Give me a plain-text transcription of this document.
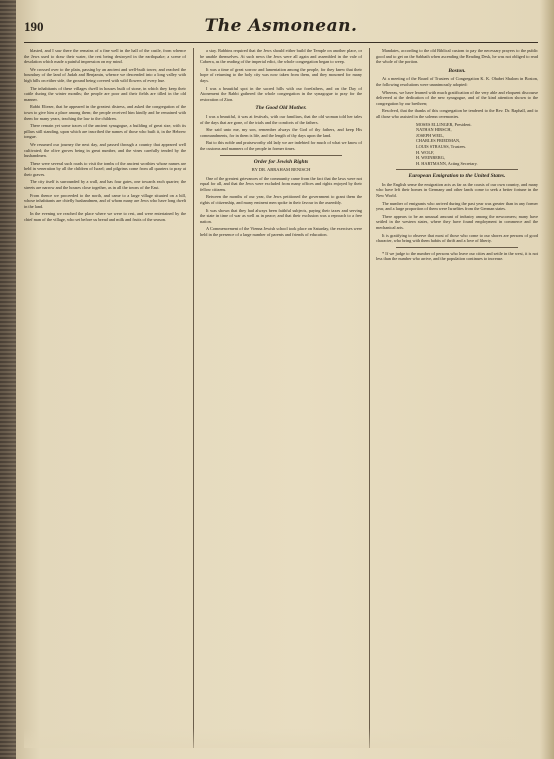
190	The Asmonean.

blasted, and I saw there the remains of a fine well in the hall of the castle, from whence the Jews used to draw their water, the rest being destroyed in the earthquake; a scene of desolation which made a painful impression on my mind.

We crossed over to the plain, passing by an ancient and well-built tower, and reached the boundary of the land of Judah and Benjamin, whence we descended into a long valley with high hills on either side, the ground being covered with wild flowers of every hue.

The inhabitants of these villages dwell in houses built of stone, in which they keep their cattle during the winter months; the people are poor and their fields are tilled in the old manner.

Rabbi Eliezer, that he appeared in the greatest distress, and asked the congregation of the town to give him a place among them; the people received him kindly and he remained with them for many years, teaching the law to the children.

There remain yet some traces of the ancient synagogue, a building of great size, with its pillars still standing, upon which are inscribed the names of those who built it, in the Hebrew tongue.

We resumed our journey the next day, and passed through a country that appeared well cultivated; the olive groves being in great number, and the vines carefully tended by the husbandmen.

These were several such roads to visit the tombs of the ancient worthies whose names are held in veneration by all the children of Israel; and pilgrims come from all quarters to pray at their graves.

The city itself is surrounded by a wall, and has four gates, one towards each quarter; the streets are narrow and the houses close together, as in all the towns of the East.

From thence we proceeded to the north, and came to a large village situated on a hill, whose inhabitants are chiefly husbandmen, and of whom many are Jews who have long dwelt in the land.

In the evening we reached the place where we were to rest, and were entertained by the chief man of the village, who set before us bread and milk and fruits of the season.

a stay. Rabbins required that the Jews should either build the Temple on another place, or be unable themselves. At such news the Jews were all again and assembled in the vale of Cabrera, as the reading of the imperial edict, the whole congregation began to weep.

It was a time of great sorrow and lamentation among the people, for they knew that their hope of returning to the holy city was now taken from them, and they mourned for many days.

I was a beautiful spot in the sacred hills with our forefathers, and on the Day of Atonement the Rabbi gathered the whole congregation in the synagogue to pray for the restoration of Zion.

The Good Old Mother.

I was a beautiful, it was at festivals, with our familiars, that the old woman told her tales of the days that are gone, of the trials and the comforts of the fathers.

She said unto me, my son, remember always the God of thy fathers, and keep His commandments, for in them is life, and the length of thy days upon the land.

But to this noble and praiseworthy old lady we are indebted for much of what we know of the customs and manners of the people in former times.

Order for Jewish Rights
BY DR. ABRAHAM BENISCH

One of the greatest grievances of the community came from the fact that the laws were not equal for all, and that the Jews were excluded from many offices and rights enjoyed by their fellow citizens.

Between the months of our year, the Jews petitioned the government to grant them the rights of citizenship, and many eminent men spoke in their favour in the assembly.

It was shown that they had always been faithful subjects, paying their taxes and serving the state in time of war as well as in peace; and that their exclusion was a reproach to a free nation.

A Commencement of the Vienna Jewish school took place on Saturday, the exercises were held in the presence of a large number of parents and friends of education.

Mandates, according to the old Biblical custom to pay the necessary prayers to the public good and to get on the Sabbath when ascending the Reading Desk, he was not obliged to read the whole of the portion.

Boston.

At a meeting of the Board of Trustees of Congregation K. K. Ohabei Shalom in Boston, the following resolutions were unanimously adopted:

Whereas, we have learned with much gratification of the very able and eloquent discourse delivered at the dedication of the new synagogue, and of the kind attention shown to the congregation by our brethren;

Resolved, that the thanks of this congregation be tendered to the Rev. Dr. Raphall, and to all those who assisted in the solemn ceremonies.

MOSES ELLINGER, President.
NATHAN HIRSCH,
JOSEPH WEIL,
CHARLES FRIEDMAN,
LOUIS STRAUSS, Trustees.
H. WOLF,
H. WEINBERG,
H. HARTMANN, Acting Secretary.
European Emigration to the United States.

In the English sense the emigration acts as far as the coasts of our own country, and many who have left their homes in Germany and other lands come to seek a better fortune in the New World.

The number of emigrants who arrived during the past year was greater than in any former year, and a large proportion of them were Israelites from the German states.

There appears to be an unusual amount of industry among the newcomers; many have settled in the western states, where they have found employment in commerce and the mechanical arts.

It is gratifying to observe that most of those who come to our shores are persons of good character, who bring with them habits of thrift and a love of liberty.

* If we judge to the number of persons who leave our cities and settle in the west, it is not less than the number who arrive, and the population continues to increase.
